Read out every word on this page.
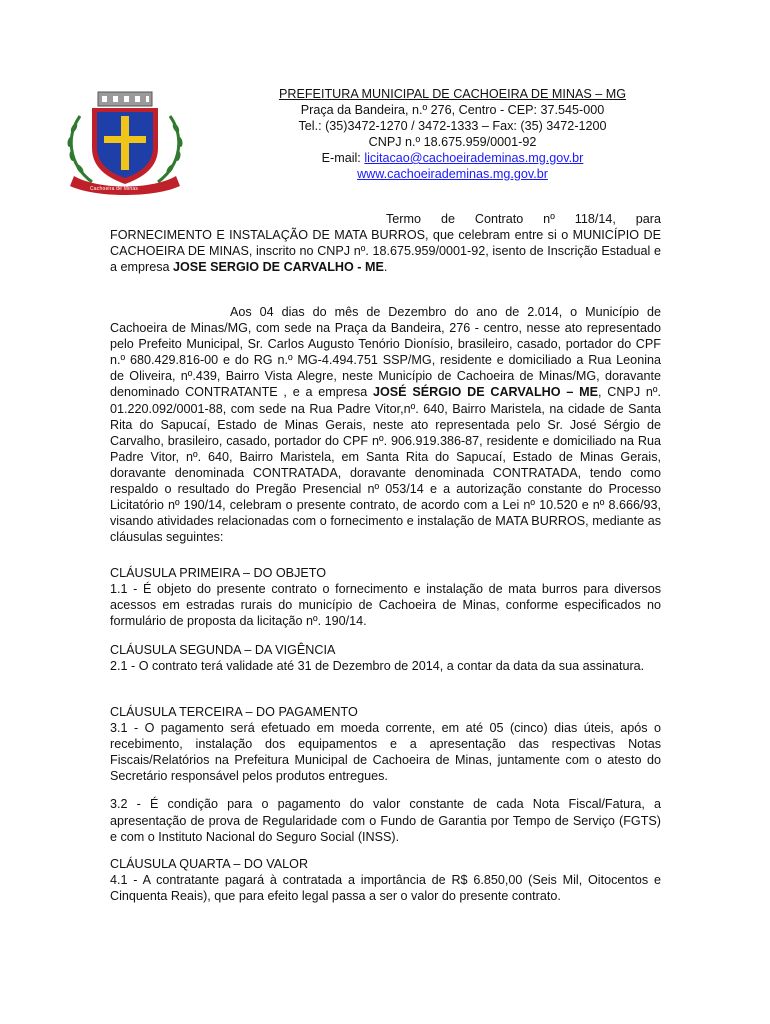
Cachoeira de Minas
PREFEITURA MUNICIPAL DE CACHOEIRA DE MINAS – MG
Praça da Bandeira, n.º 276, Centro - CEP: 37.545-000
Tel.: (35)3472-1270 / 3472-1333 – Fax: (35) 3472-1200
CNPJ n.º 18.675.959/0001-92
E-mail: licitacao@cachoeirademinas.mg.gov.br
www.cachoeirademinas.mg.gov.br

Termo de Contrato nº 118/14, para FORNECIMENTO E INSTALAÇÃO DE MATA BURROS, que celebram entre si o MUNICÍPIO DE CACHOEIRA DE MINAS, inscrito no CNPJ nº. 18.675.959/0001-92, isento de Inscrição Estadual e a empresa JOSE SERGIO DE CARVALHO - ME.

Aos 04 dias do mês de Dezembro do ano de 2.014, o Município de Cachoeira de Minas/MG, com sede na Praça da Bandeira, 276 - centro, nesse ato representado pelo Prefeito Municipal, Sr. Carlos Augusto Tenório Dionísio, brasileiro, casado, portador do CPF n.º 680.429.816-00 e do RG n.º MG-4.494.751 SSP/MG, residente e domiciliado a Rua Leonina de Oliveira, nº.439, Bairro Vista Alegre, neste Município de Cachoeira de Minas/MG, doravante denominado CONTRATANTE , e a empresa JOSÉ SÉRGIO DE CARVALHO – ME, CNPJ nº. 01.220.092/0001-88, com sede na Rua Padre Vitor,nº. 640, Bairro Maristela, na cidade de Santa Rita do Sapucaí, Estado de Minas Gerais, neste ato representada pelo Sr. José Sérgio de Carvalho, brasileiro, casado, portador do CPF nº. 906.919.386-87, residente e domiciliado na Rua Padre Vitor, nº. 640, Bairro Maristela, em Santa Rita do Sapucaí, Estado de Minas Gerais, doravante denominada CONTRATADA, doravante denominada CONTRATADA, tendo como respaldo o resultado do Pregão Presencial nº 053/14 e a autorização constante do Processo Licitatório nº 190/14, celebram o presente contrato, de acordo com a Lei nº 10.520 e nº 8.666/93, visando atividades relacionadas com o fornecimento e instalação de MATA BURROS, mediante as cláusulas seguintes:

CLÁUSULA PRIMEIRA – DO OBJETO

1.1 - É objeto do presente contrato o fornecimento e instalação de mata burros para diversos acessos em estradas rurais do município de Cachoeira de Minas, conforme especificados no formulário de proposta da licitação nº. 190/14.

CLÁUSULA SEGUNDA – DA VIGÊNCIA

2.1 - O contrato terá validade até 31 de Dezembro de 2014, a contar da data da sua assinatura.

CLÁUSULA TERCEIRA – DO PAGAMENTO

3.1 - O pagamento será efetuado em moeda corrente, em até 05 (cinco) dias úteis, após o recebimento, instalação dos equipamentos e a apresentação das respectivas Notas Fiscais/Relatórios na Prefeitura Municipal de Cachoeira de Minas, juntamente com o atesto do Secretário responsável pelos produtos entregues.

3.2 - É condição para o pagamento do valor constante de cada Nota Fiscal/Fatura, a apresentação de prova de Regularidade com o Fundo de Garantia por Tempo de Serviço (FGTS) e com o Instituto Nacional do Seguro Social (INSS).

CLÁUSULA QUARTA – DO VALOR

4.1 - A contratante pagará à contratada a importância de R$ 6.850,00 (Seis Mil, Oitocentos e Cinquenta Reais), que para efeito legal passa a ser o valor do presente contrato.
